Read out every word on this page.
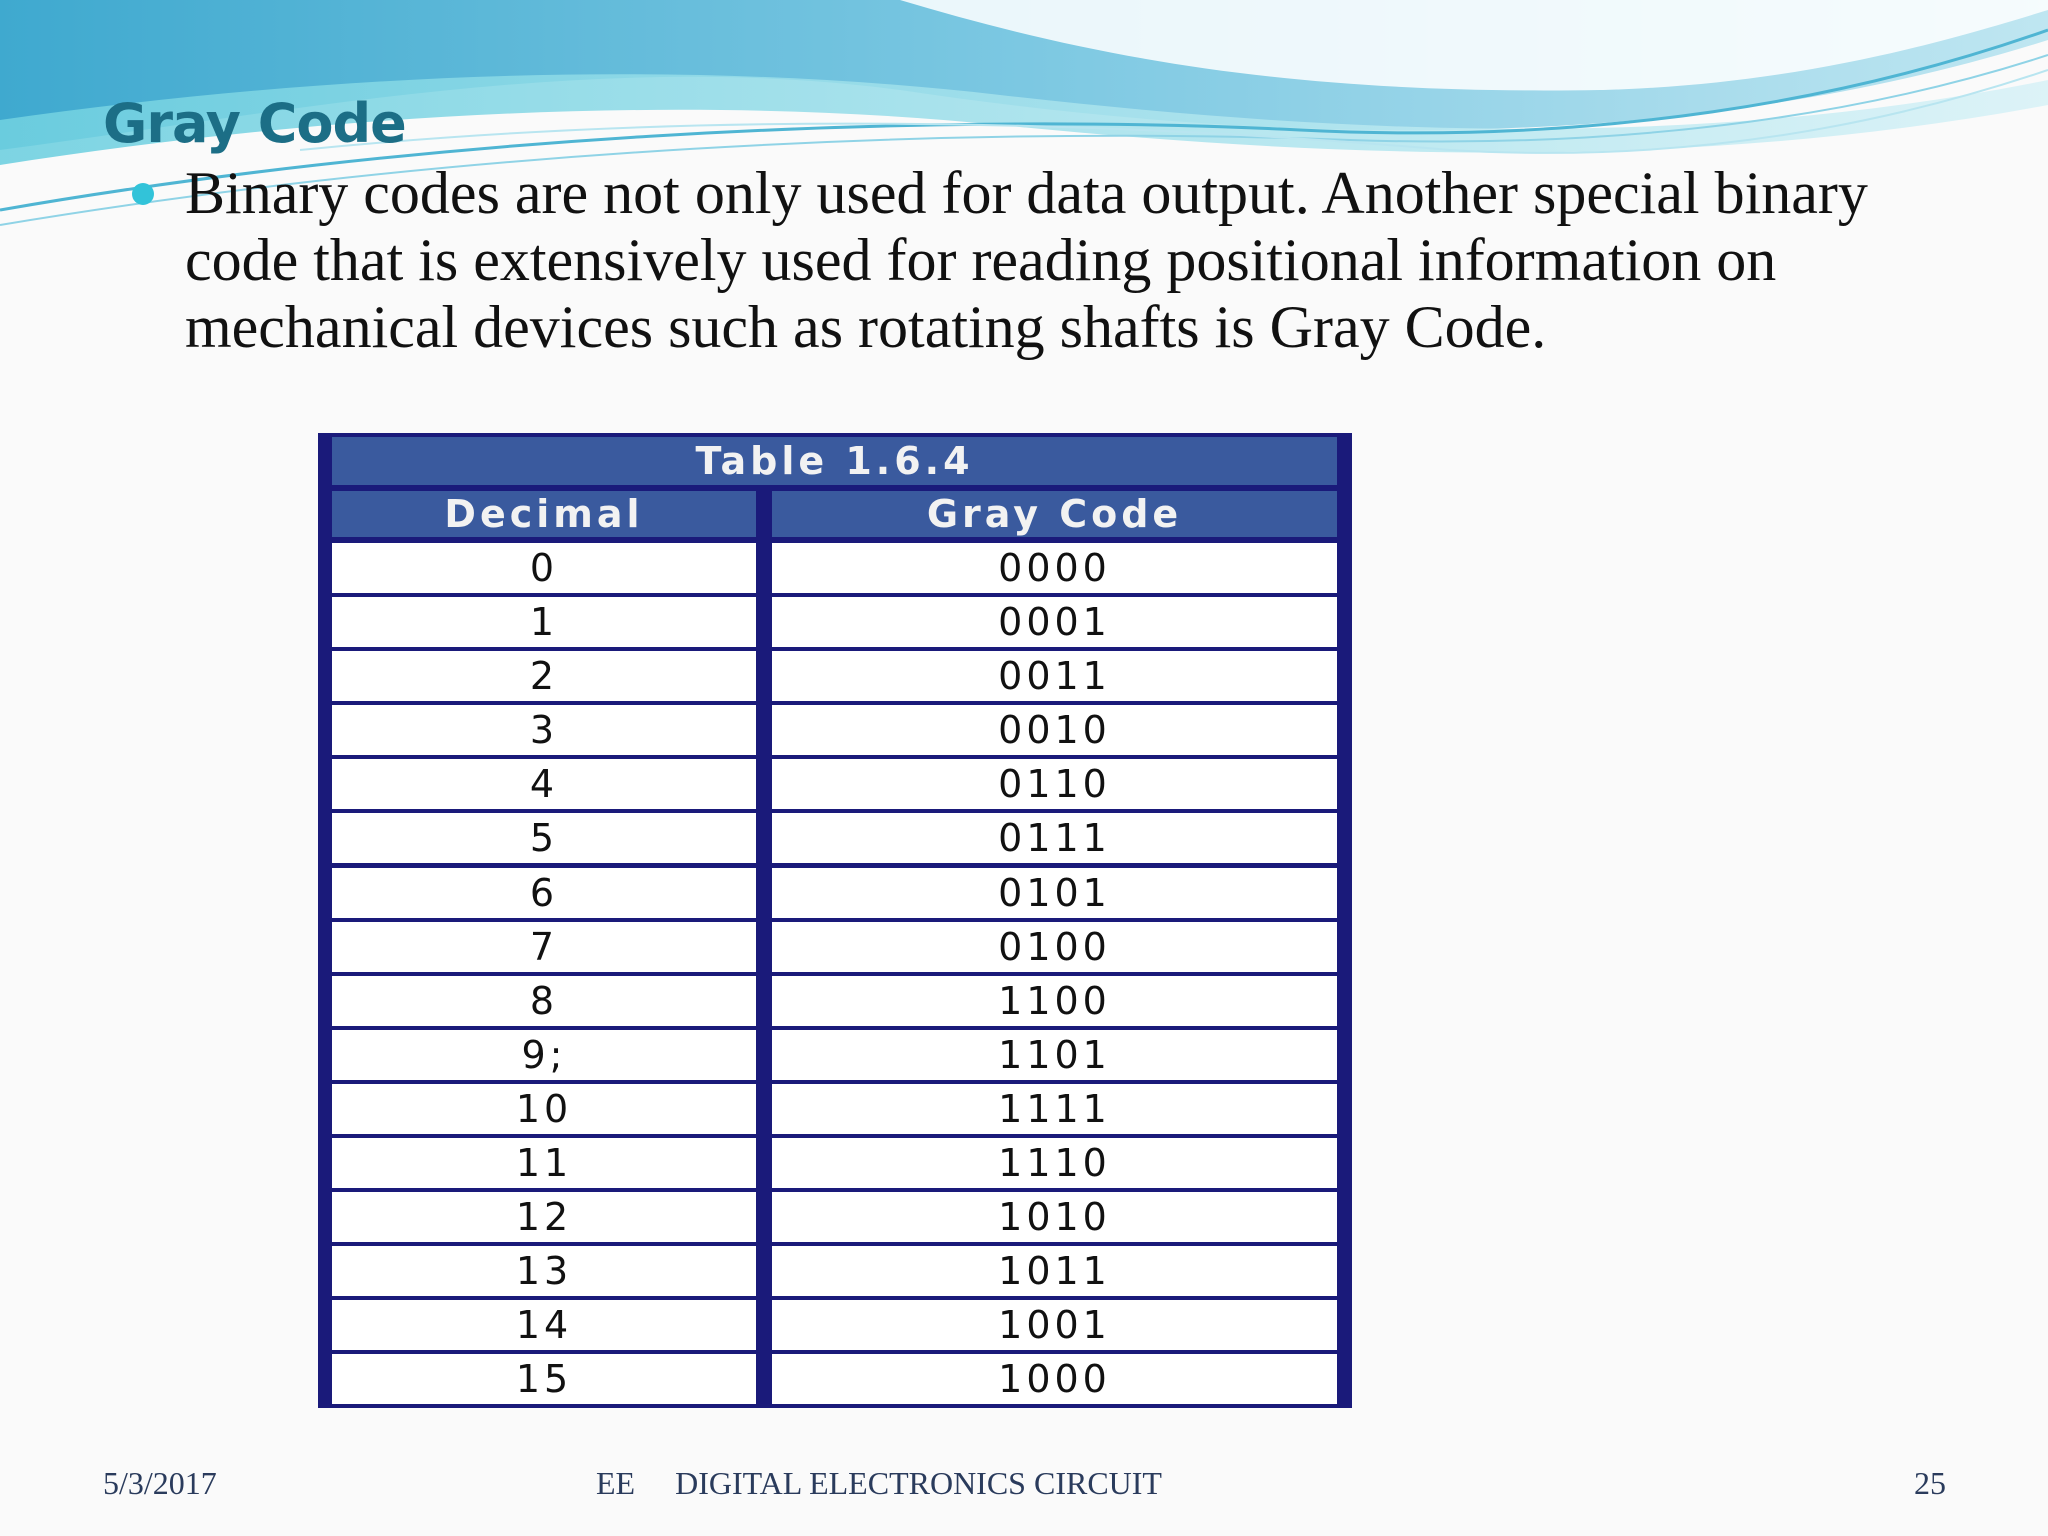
Gray Code

Binary codes are not only used for data output. Another special binary code that is extensively used for reading positional information on mechanical devices such as rotating shafts is Gray Code.

Table 1.6.4
Decimal	Gray Code
0	0000
1	0001
2	0011
3	0010
4	0110
5	0111
6	0101
7	0100
8	1100
9;	1101
10	1111
11	1110
12	1010
13	1011
14	1001
15	1000

5/3/2017	EE     DIGITAL ELECTRONICS CIRCUIT	25
